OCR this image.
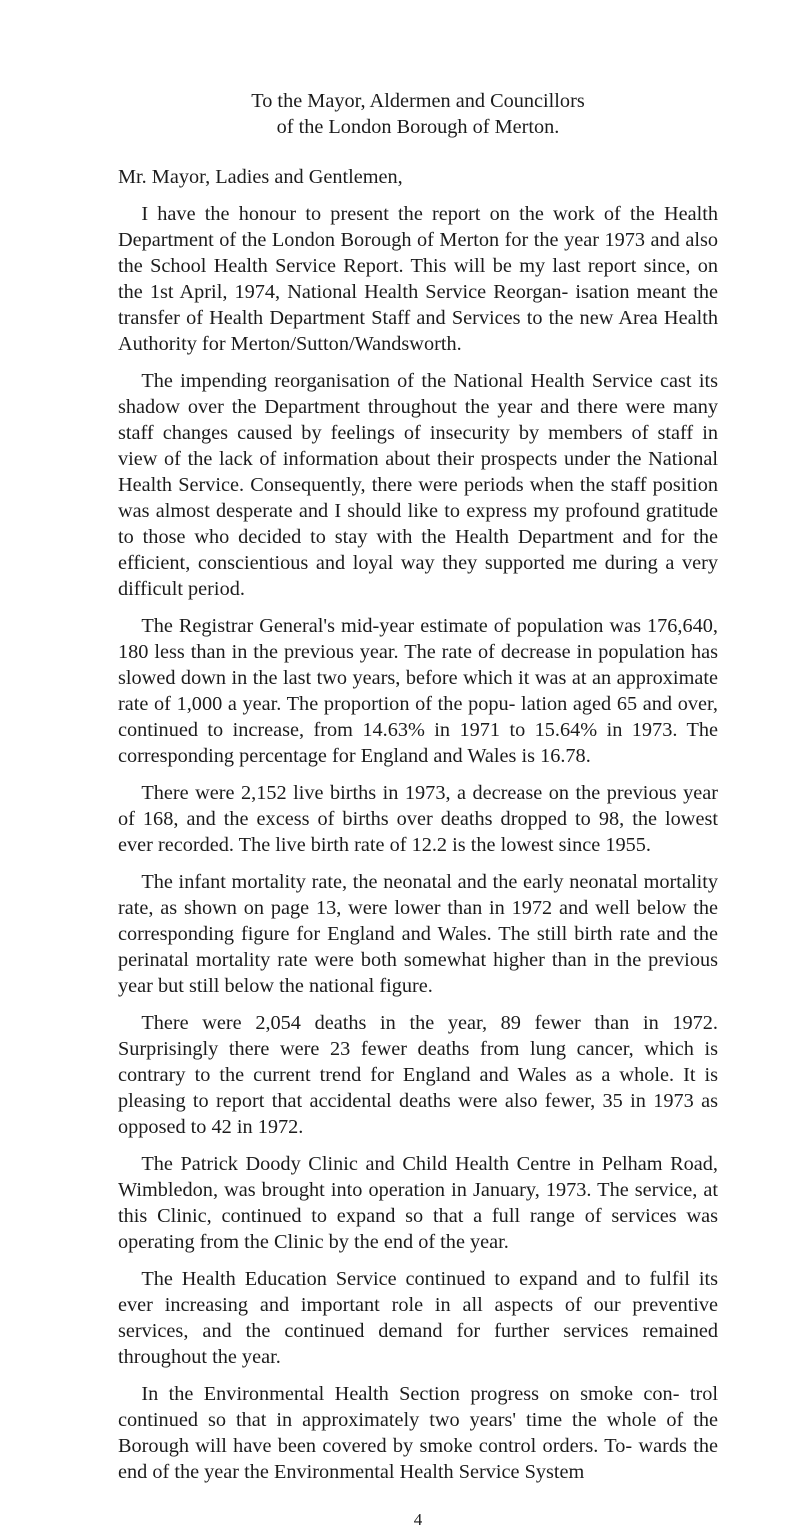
To the Mayor, Aldermen and Councillors
of the London Borough of Merton.
Mr. Mayor, Ladies and Gentlemen,

I have the honour to present the report on the work of the Health Department of the London Borough of Merton for the year 1973 and also the School Health Service Report. This will be my last report since, on the 1st April, 1974, National Health Service Reorgan- isation meant the transfer of Health Department Staff and Services to the new Area Health Authority for Merton/Sutton/Wandsworth.

The impending reorganisation of the National Health Service cast its shadow over the Department throughout the year and there were many staff changes caused by feelings of insecurity by members of staff in view of the lack of information about their prospects under the National Health Service. Consequently, there were periods when the staff position was almost desperate and I should like to express my profound gratitude to those who decided to stay with the Health Department and for the efficient, conscientious and loyal way they supported me during a very difficult period.

The Registrar General's mid-year estimate of population was 176,640, 180 less than in the previous year. The rate of decrease in population has slowed down in the last two years, before which it was at an approximate rate of 1,000 a year. The proportion of the popu- lation aged 65 and over, continued to increase, from 14.63% in 1971 to 15.64% in 1973. The corresponding percentage for England and Wales is 16.78.

There were 2,152 live births in 1973, a decrease on the previous year of 168, and the excess of births over deaths dropped to 98, the lowest ever recorded. The live birth rate of 12.2 is the lowest since 1955.

The infant mortality rate, the neonatal and the early neonatal mortality rate, as shown on page 13, were lower than in 1972 and well below the corresponding figure for England and Wales. The still birth rate and the perinatal mortality rate were both somewhat higher than in the previous year but still below the national figure.

There were 2,054 deaths in the year, 89 fewer than in 1972. Surprisingly there were 23 fewer deaths from lung cancer, which is contrary to the current trend for England and Wales as a whole. It is pleasing to report that accidental deaths were also fewer, 35 in 1973 as opposed to 42 in 1972.

The Patrick Doody Clinic and Child Health Centre in Pelham Road, Wimbledon, was brought into operation in January, 1973. The service, at this Clinic, continued to expand so that a full range of services was operating from the Clinic by the end of the year.

The Health Education Service continued to expand and to fulfil its ever increasing and important role in all aspects of our preventive services, and the continued demand for further services remained throughout the year.

In the Environmental Health Section progress on smoke con- trol continued so that in approximately two years' time the whole of the Borough will have been covered by smoke control orders. To- wards the end of the year the Environmental Health Service System

4
